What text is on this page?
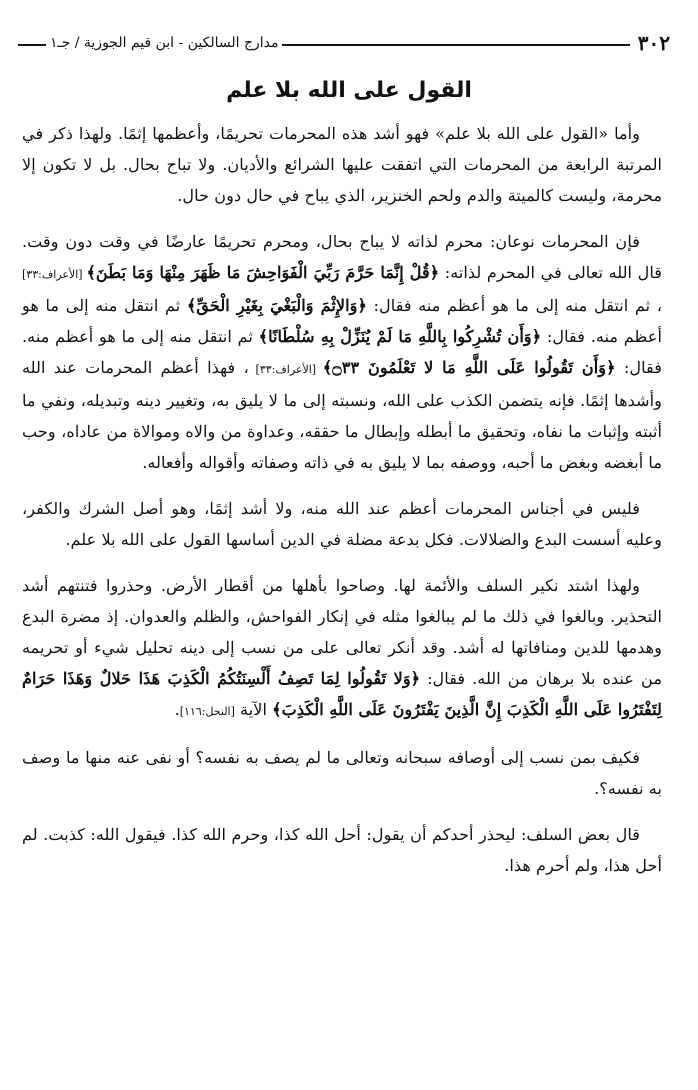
٣٠٢
مدارج السالكين - ابن قيم الجوزية / جـ١
القول على الله بلا علم

وأما «القول على الله بلا علم» فهو أشد هذه المحرمات تحريمًا، وأعظمها إثمًا. ولهذا ذكر في المرتبة الرابعة من المحرمات التي اتفقت عليها الشرائع والأديان. ولا تباح بحال. بل لا تكون إلا محرمة، وليست كالميتة والدم ولحم الخنزير، الذي يباح في حال دون حال.

فإن المحرمات نوعان: محرم لذاته لا يباح بحال، ومحرم تحريمًا عارضًا في وقت دون وقت. قال الله تعالى في المحرم لذاته: ﴿قُلْ إِنَّمَا حَرَّمَ رَبِّيَ الْفَوَاحِشَ مَا ظَهَرَ مِنْهَا وَمَا بَطَنَ﴾ [الأعراف:٣٣] ، ثم انتقل منه إلى ما هو أعظم منه فقال: ﴿وَالإِثْمَ وَالْبَغْيَ بِغَيْرِ الْحَقِّ﴾ ثم انتقل منه إلى ما هو أعظم منه. فقال: ﴿وَأَن تُشْرِكُوا بِاللَّهِ مَا لَمْ يُنَزِّلْ بِهِ سُلْطَانًا﴾ ثم انتقل منه إلى ما هو أعظم منه. فقال: ﴿وَأَن تَقُولُوا عَلَى اللَّهِ مَا لا تَعْلَمُونَ ۝٣٣﴾ [الأعراف:٣٣] ، فهذا أعظم المحرمات عند الله وأشدها إثمًا. فإنه يتضمن الكذب على الله، ونسبته إلى ما لا يليق به، وتغيير دينه وتبديله، ونفي ما أثبته وإثبات ما نفاه، وتحقيق ما أبطله وإبطال ما حققه، وعداوة من والاه وموالاة من عاداه، وحب ما أبغضه وبغض ما أحبه، ووصفه بما لا يليق به في ذاته وصفاته وأقواله وأفعاله.

فليس في أجناس المحرمات أعظم عند الله منه، ولا أشد إثمًا، وهو أصل الشرك والكفر، وعليه أسست البدع والضلالات. فكل بدعة مضلة في الدين أساسها القول على الله بلا علم.

ولهذا اشتد نكير السلف والأئمة لها. وصاحوا بأهلها من أقطار الأرض. وحذروا فتنتهم أشد التحذير. وبالغوا في ذلك ما لم يبالغوا مثله في إنكار الفواحش، والظلم والعدوان. إذ مضرة البدع وهدمها للدين ومنافاتها له أشد. وقد أنكر تعالى على من نسب إلى دينه تحليل شيء أو تحريمه من عنده بلا برهان من الله. فقال: ﴿وَلا تَقُولُوا لِمَا تَصِفُ أَلْسِنَتُكُمُ الْكَذِبَ هَذَا حَلالٌ وَهَذَا حَرَامٌ لِتَفْتَرُوا عَلَى اللَّهِ الْكَذِبَ إِنَّ الَّذِينَ يَفْتَرُونَ عَلَى اللَّهِ الْكَذِبَ﴾ الآية [النحل:١١٦].

فكيف بمن نسب إلى أوصافه سبحانه وتعالى ما لم يصف به نفسه؟ أو نفى عنه منها ما وصف به نفسه؟.

قال بعض السلف: ليحذر أحدكم أن يقول: أحل الله كذا، وحرم الله كذا. فيقول الله: كذبت. لم أحل هذا، ولم أحرم هذا.
